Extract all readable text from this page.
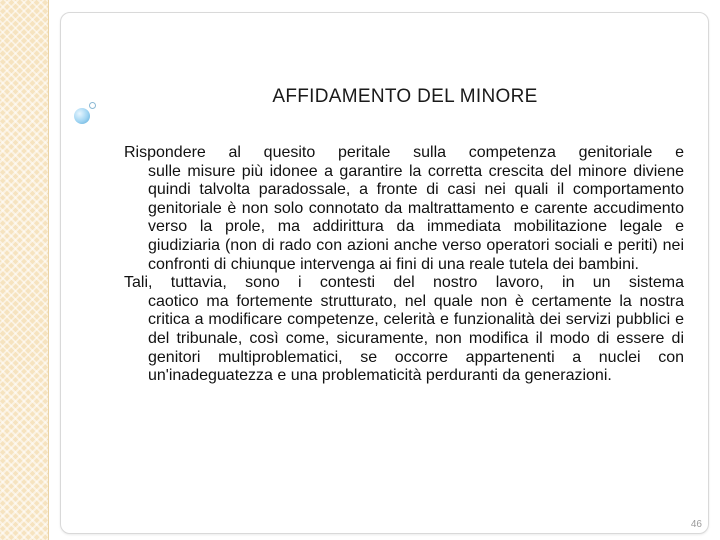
AFFIDAMENTO DEL MINORE

Rispondere al quesito peritale sulla competenza genitoriale e
sulle misure più idonee a garantire la corretta crescita del minore diviene quindi talvolta paradossale, a fronte di casi nei quali il comportamento genitoriale è non solo connotato da maltrattamento e carente accudimento verso la prole, ma addirittura da immediata mobilitazione legale e giudiziaria (non di rado con azioni anche verso operatori sociali e periti) nei confronti di chiunque intervenga ai fini di una reale tutela dei bambini.

Tali, tuttavia, sono i contesti del nostro lavoro, in un sistema
caotico ma fortemente strutturato, nel quale non è certamente la nostra critica a modificare competenze, celerità e funzionalità dei servizi pubblici e del tribunale, così come, sicuramente, non modifica il modo di essere di genitori multiproblematici, se occorre appartenenti a nuclei con un'inadeguatezza e una problematicità perduranti da generazioni.

46
